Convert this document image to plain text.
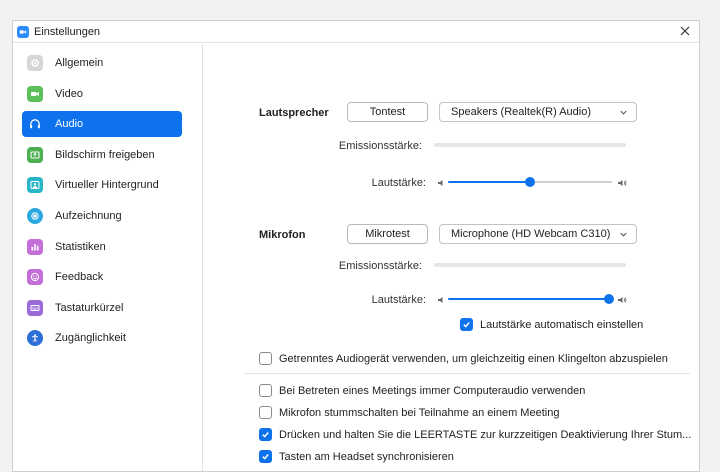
Einstellungen
Allgemein
Video
Audio
Bildschirm freigeben
Virtueller Hintergrund
Aufzeichnung
Statistiken
Feedback
Tastaturkürzel
Zugänglichkeit
Lautsprecher	Tontest	Speakers (Realtek(R) Audio)
Emissionsstärke:
Lautstärke:
Mikrofon	Mikrotest	Microphone (HD Webcam C310)
Emissionsstärke:
Lautstärke:
Lautstärke automatisch einstellen
Getrenntes Audiogerät verwenden, um gleichzeitig einen Klingelton abzuspielen
Bei Betreten eines Meetings immer Computeraudio verwenden
Mikrofon stummschalten bei Teilnahme an einem Meeting
Drücken und halten Sie die LEERTASTE zur kurzzeitigen Deaktivierung Ihrer Stum...
Tasten am Headset synchronisieren
